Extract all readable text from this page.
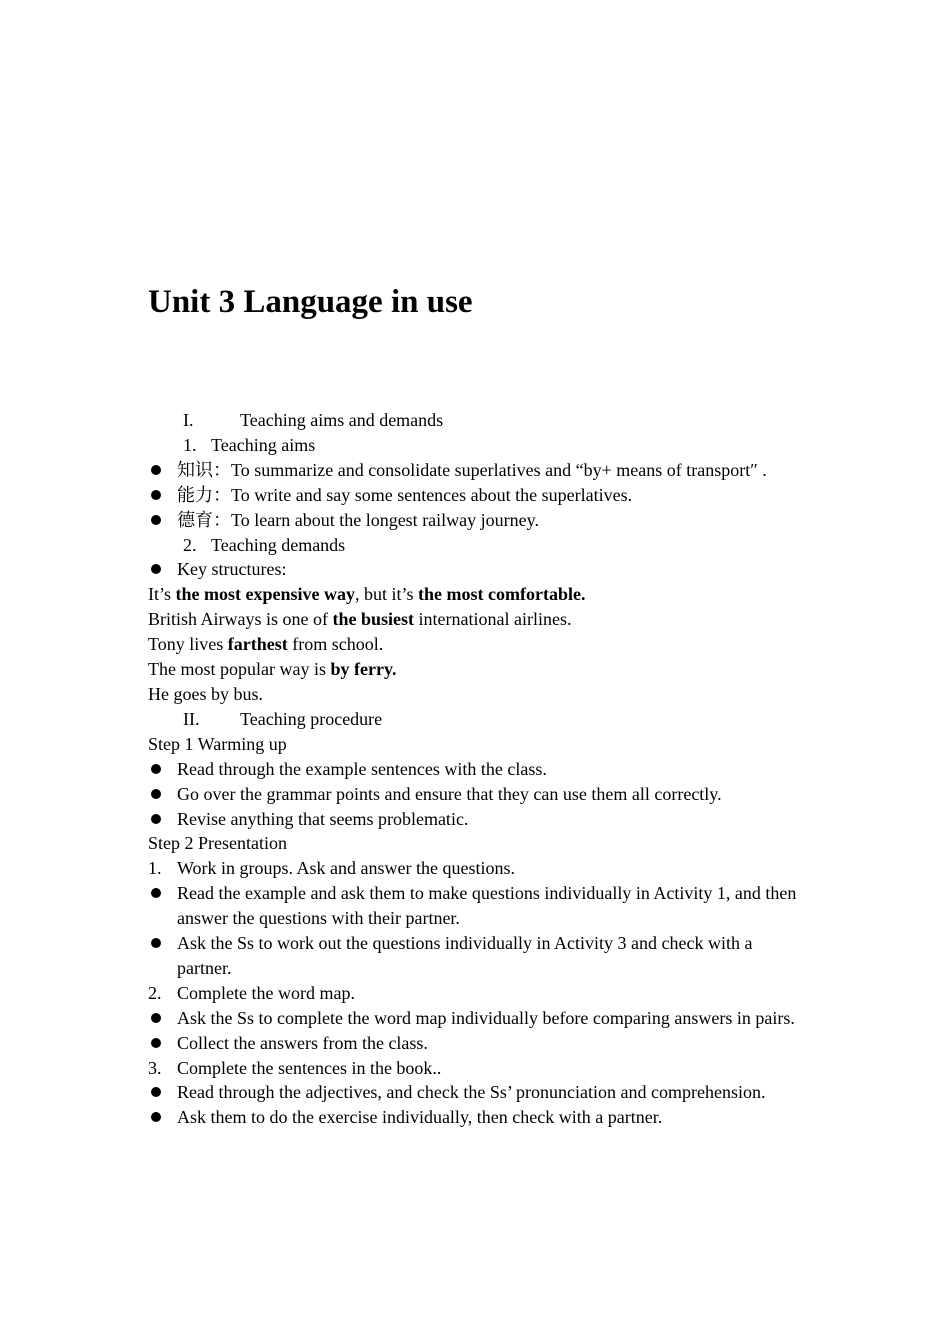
Unit 3 Language in use
I.	Teaching aims and demands
1. Teaching aims
知识：To summarize and consolidate superlatives and “by+ means of transport″ .
能力：To write and say some sentences about the superlatives.
德育：To learn about the longest railway journey.
2. Teaching demands
Key structures:
It’s the most expensive way, but it’s the most comfortable.
British Airways is one of the busiest international airlines.
Tony lives farthest from school.
The most popular way is by ferry.
He goes by bus.
II. Teaching procedure
Step 1 Warming up
Read through the example sentences with the class.
Go over the grammar points and ensure that they can use them all correctly.
Revise anything that seems problematic.
Step 2 Presentation
1. Work in groups. Ask and answer the questions.
Read the example and ask them to make questions individually in Activity 1, and then answer the questions with their partner.
Ask the Ss to work out the questions individually in Activity 3 and check with a partner.
2. Complete the word map.
Ask the Ss to complete the word map individually before comparing answers in pairs.
Collect the answers from the class.
3. Complete the sentences in the book..
Read through the adjectives, and check the Ss’ pronunciation and comprehension.
Ask them to do the exercise individually, then check with a partner.
